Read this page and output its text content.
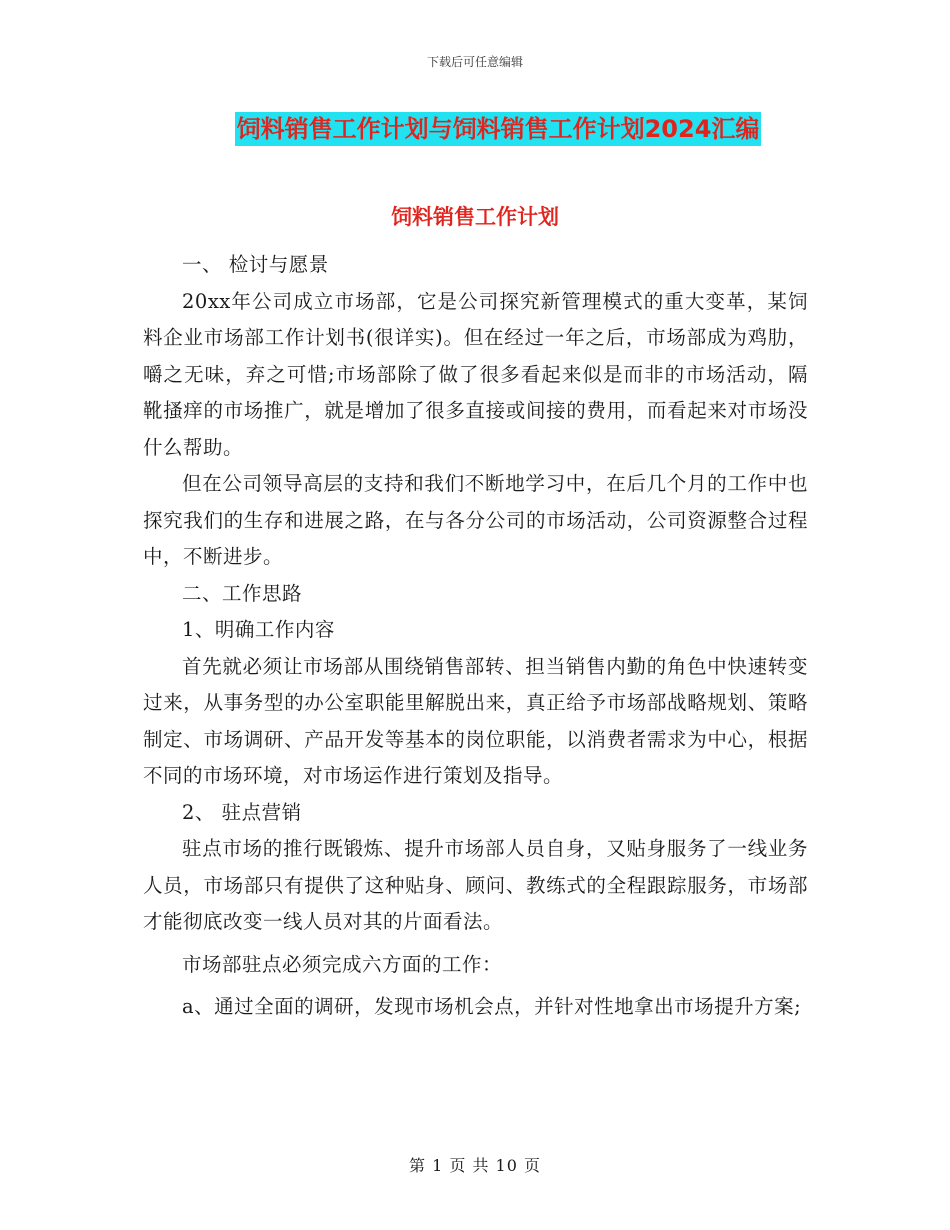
下载后可任意编辑
饲料销售工作计划与饲料销售工作计划2024汇编
饲料销售工作计划

一、 检讨与愿景

20xx年公司成立市场部，它是公司探究新管理模式的重大变革，某饲料企业市场部工作计划书(很详实)。但在经过一年之后，市场部成为鸡肋，嚼之无味，弃之可惜;市场部除了做了很多看起来似是而非的市场活动，隔靴搔痒的市场推广，就是增加了很多直接或间接的费用，而看起来对市场没什么帮助。

但在公司领导高层的支持和我们不断地学习中，在后几个月的工作中也探究我们的生存和进展之路，在与各分公司的市场活动，公司资源整合过程中，不断进步。

二、工作思路

1、明确工作内容

首先就必须让市场部从围绕销售部转、担当销售内勤的角色中快速转变过来，从事务型的办公室职能里解脱出来，真正给予市场部战略规划、策略制定、市场调研、产品开发等基本的岗位职能，以消费者需求为中心，根据不同的市场环境，对市场运作进行策划及指导。

2、 驻点营销

驻点市场的推行既锻炼、提升市场部人员自身，又贴身服务了一线业务人员，市场部只有提供了这种贴身、顾问、教练式的全程跟踪服务，市场部才能彻底改变一线人员对其的片面看法。

市场部驻点必须完成六方面的工作：

a、通过全面的调研，发现市场机会点，并针对性地拿出市场提升方案;

第 1 页 共 10 页
